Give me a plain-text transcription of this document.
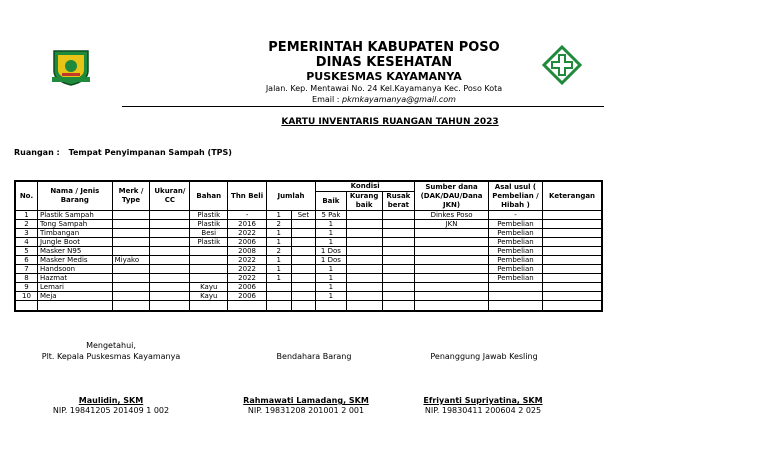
PEMERINTAH KABUPATEN POSO
DINAS KESEHATAN
PUSKESMAS KAYAMANYA
Jalan. Kep. Mentawai No. 24 Kel.Kayamanya Kec. Poso Kota
Email : pkmkayamanya@gmail.com
KARTU INVENTARIS RUANGAN TAHUN 2023
Ruangan : Tempat Penyimpanan Sampah (TPS)
No.	Nama / Jenis Barang	Merk / Type	Ukuran/ CC	Bahan	Thn Beli	Jumlah		Kondisi			Sumber dana (DAK/DAU/Dana JKN)	Asal usul ( Pembelian / Hibah )	Keterangan
								Baik	Kurang baik	Rusak berat			
1	Plastik Sampah			Plastik	-	1	Set	5 Pak			Dinkes Poso	-	
2	Tong Sampah			Plastik	2016	2		1			JKN	Pembelian	
3	Timbangan			Besi	2022	1		1				Pembelian	
4	Jungle Boot			Plastik	2006	1		1				Pembelian	
5	Masker N95				2008	2		1 Dos				Pembelian	
6	Masker Medis	Miyako			2022	1		1 Dos				Pembelian	
7	Handsoon				2022	1		1				Pembelian	
8	Hazmat				2022	1		1				Pembelian	
9	Lemari			Kayu	2006			1					
10	Meja			Kayu	2006			1					

Mengetahui,
Plt. Kepala Puskesmas Kayamanya	Bendahara Barang	Penanggung Jawab Kesling
Maulidin, SKM	Rahmawati Lamadang, SKM	Efriyanti Supriyatina, SKM
NIP. 19841205 201409 1 002	NIP. 19831208 201001 2 001	NIP. 19830411 200604 2 025
